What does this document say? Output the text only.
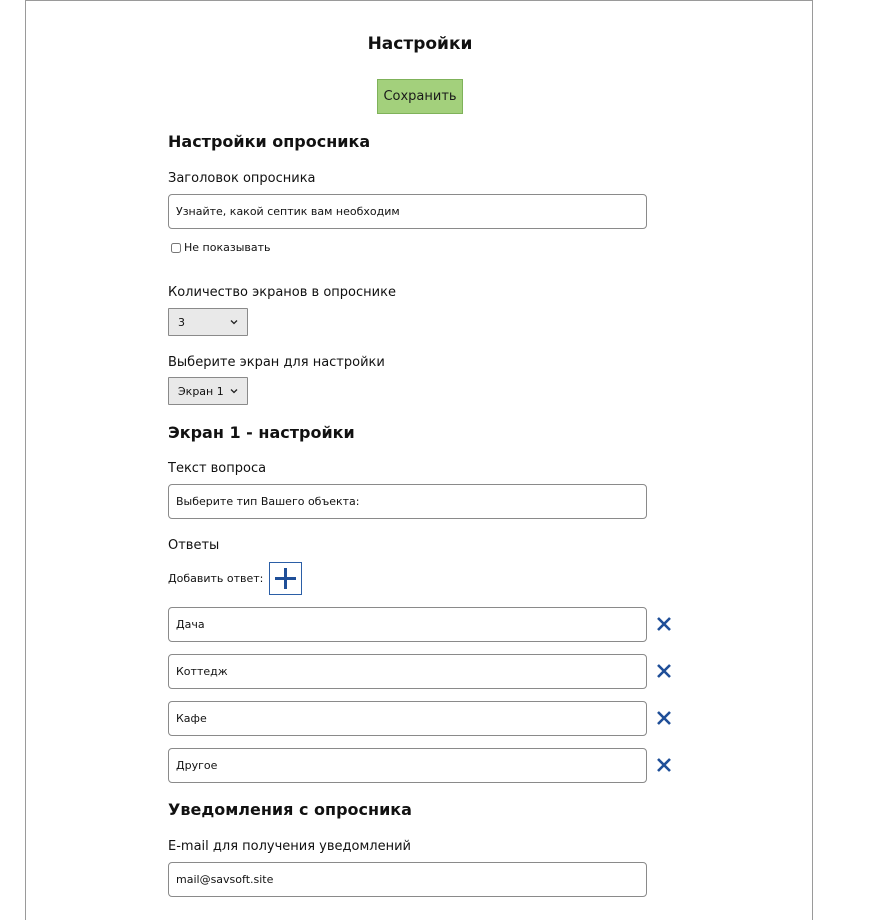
Настройки
Сохранить
Настройки опросника
Заголовок опросника
Узнайте, какой септик вам необходим
Не показывать
Количество экранов в опроснике
3
Выберите экран для настройки
Экран 1
Экран 1 - настройки
Текст вопроса
Выберите тип Вашего объекта:
Ответы
Добавить ответ:
Дача
Коттедж
Кафе
Другое
Уведомления с опросника
E-mail для получения уведомлений
mail@savsoft.site
